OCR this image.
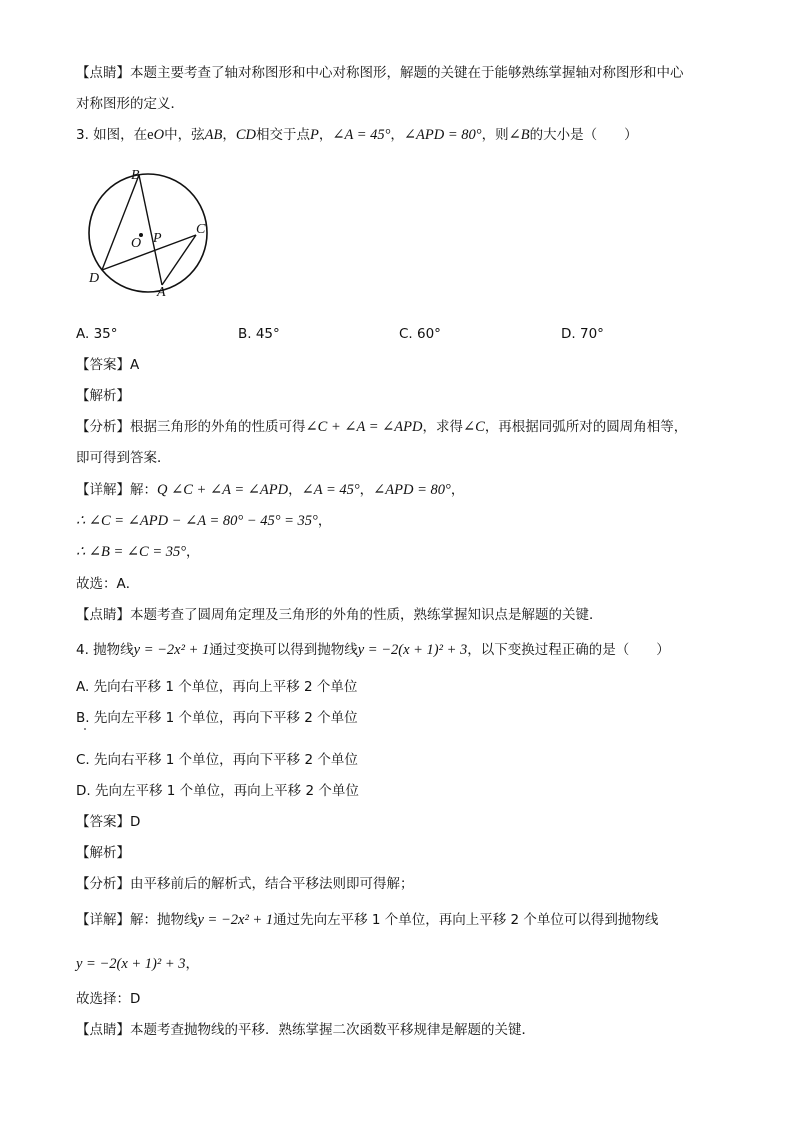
【点睛】本题主要考查了轴对称图形和中心对称图形，解题的关键在于能够熟练掌握轴对称图形和中心
对称图形的定义．
3. 如图，在eO中，弦AB，CD相交于点P，∠A = 45°，∠APD = 80°，则∠B的大小是（　　）
B
C
O P
D
A
A. 35°	B. 45°	C. 60°	D. 70°
【答案】A
【解析】
【分析】根据三角形的外角的性质可得∠C + ∠A = ∠APD，求得∠C，再根据同弧所对的圆周角相等，
即可得到答案．
【详解】解：Q ∠C + ∠A = ∠APD，∠A = 45°，∠APD = 80°，
∴ ∠C = ∠APD − ∠A = 80° − 45° = 35°，
∴ ∠B = ∠C = 35°，
故选：A．
【点睛】本题考查了圆周角定理及三角形的外角的性质，熟练掌握知识点是解题的关键．
4. 抛物线y = −2x² + 1通过变换可以得到抛物线y = −2(x + 1)² + 3，以下变换过程正确的是（　　）
A. 先向右平移 1 个单位，再向上平移 2 个单位
B. 先向左平移 1 个单位，再向下平移 2 个单位
C. 先向右平移 1 个单位，再向下平移 2 个单位
D. 先向左平移 1 个单位，再向上平移 2 个单位
【答案】D
【解析】
【分析】由平移前后的解析式，结合平移法则即可得解；
【详解】解：抛物线y = −2x² + 1通过先向左平移 1 个单位，再向上平移 2 个单位可以得到抛物线
y = −2(x + 1)² + 3，
故选择：D
【点睛】本题考查抛物线的平移．熟练掌握二次函数平移规律是解题的关键．
